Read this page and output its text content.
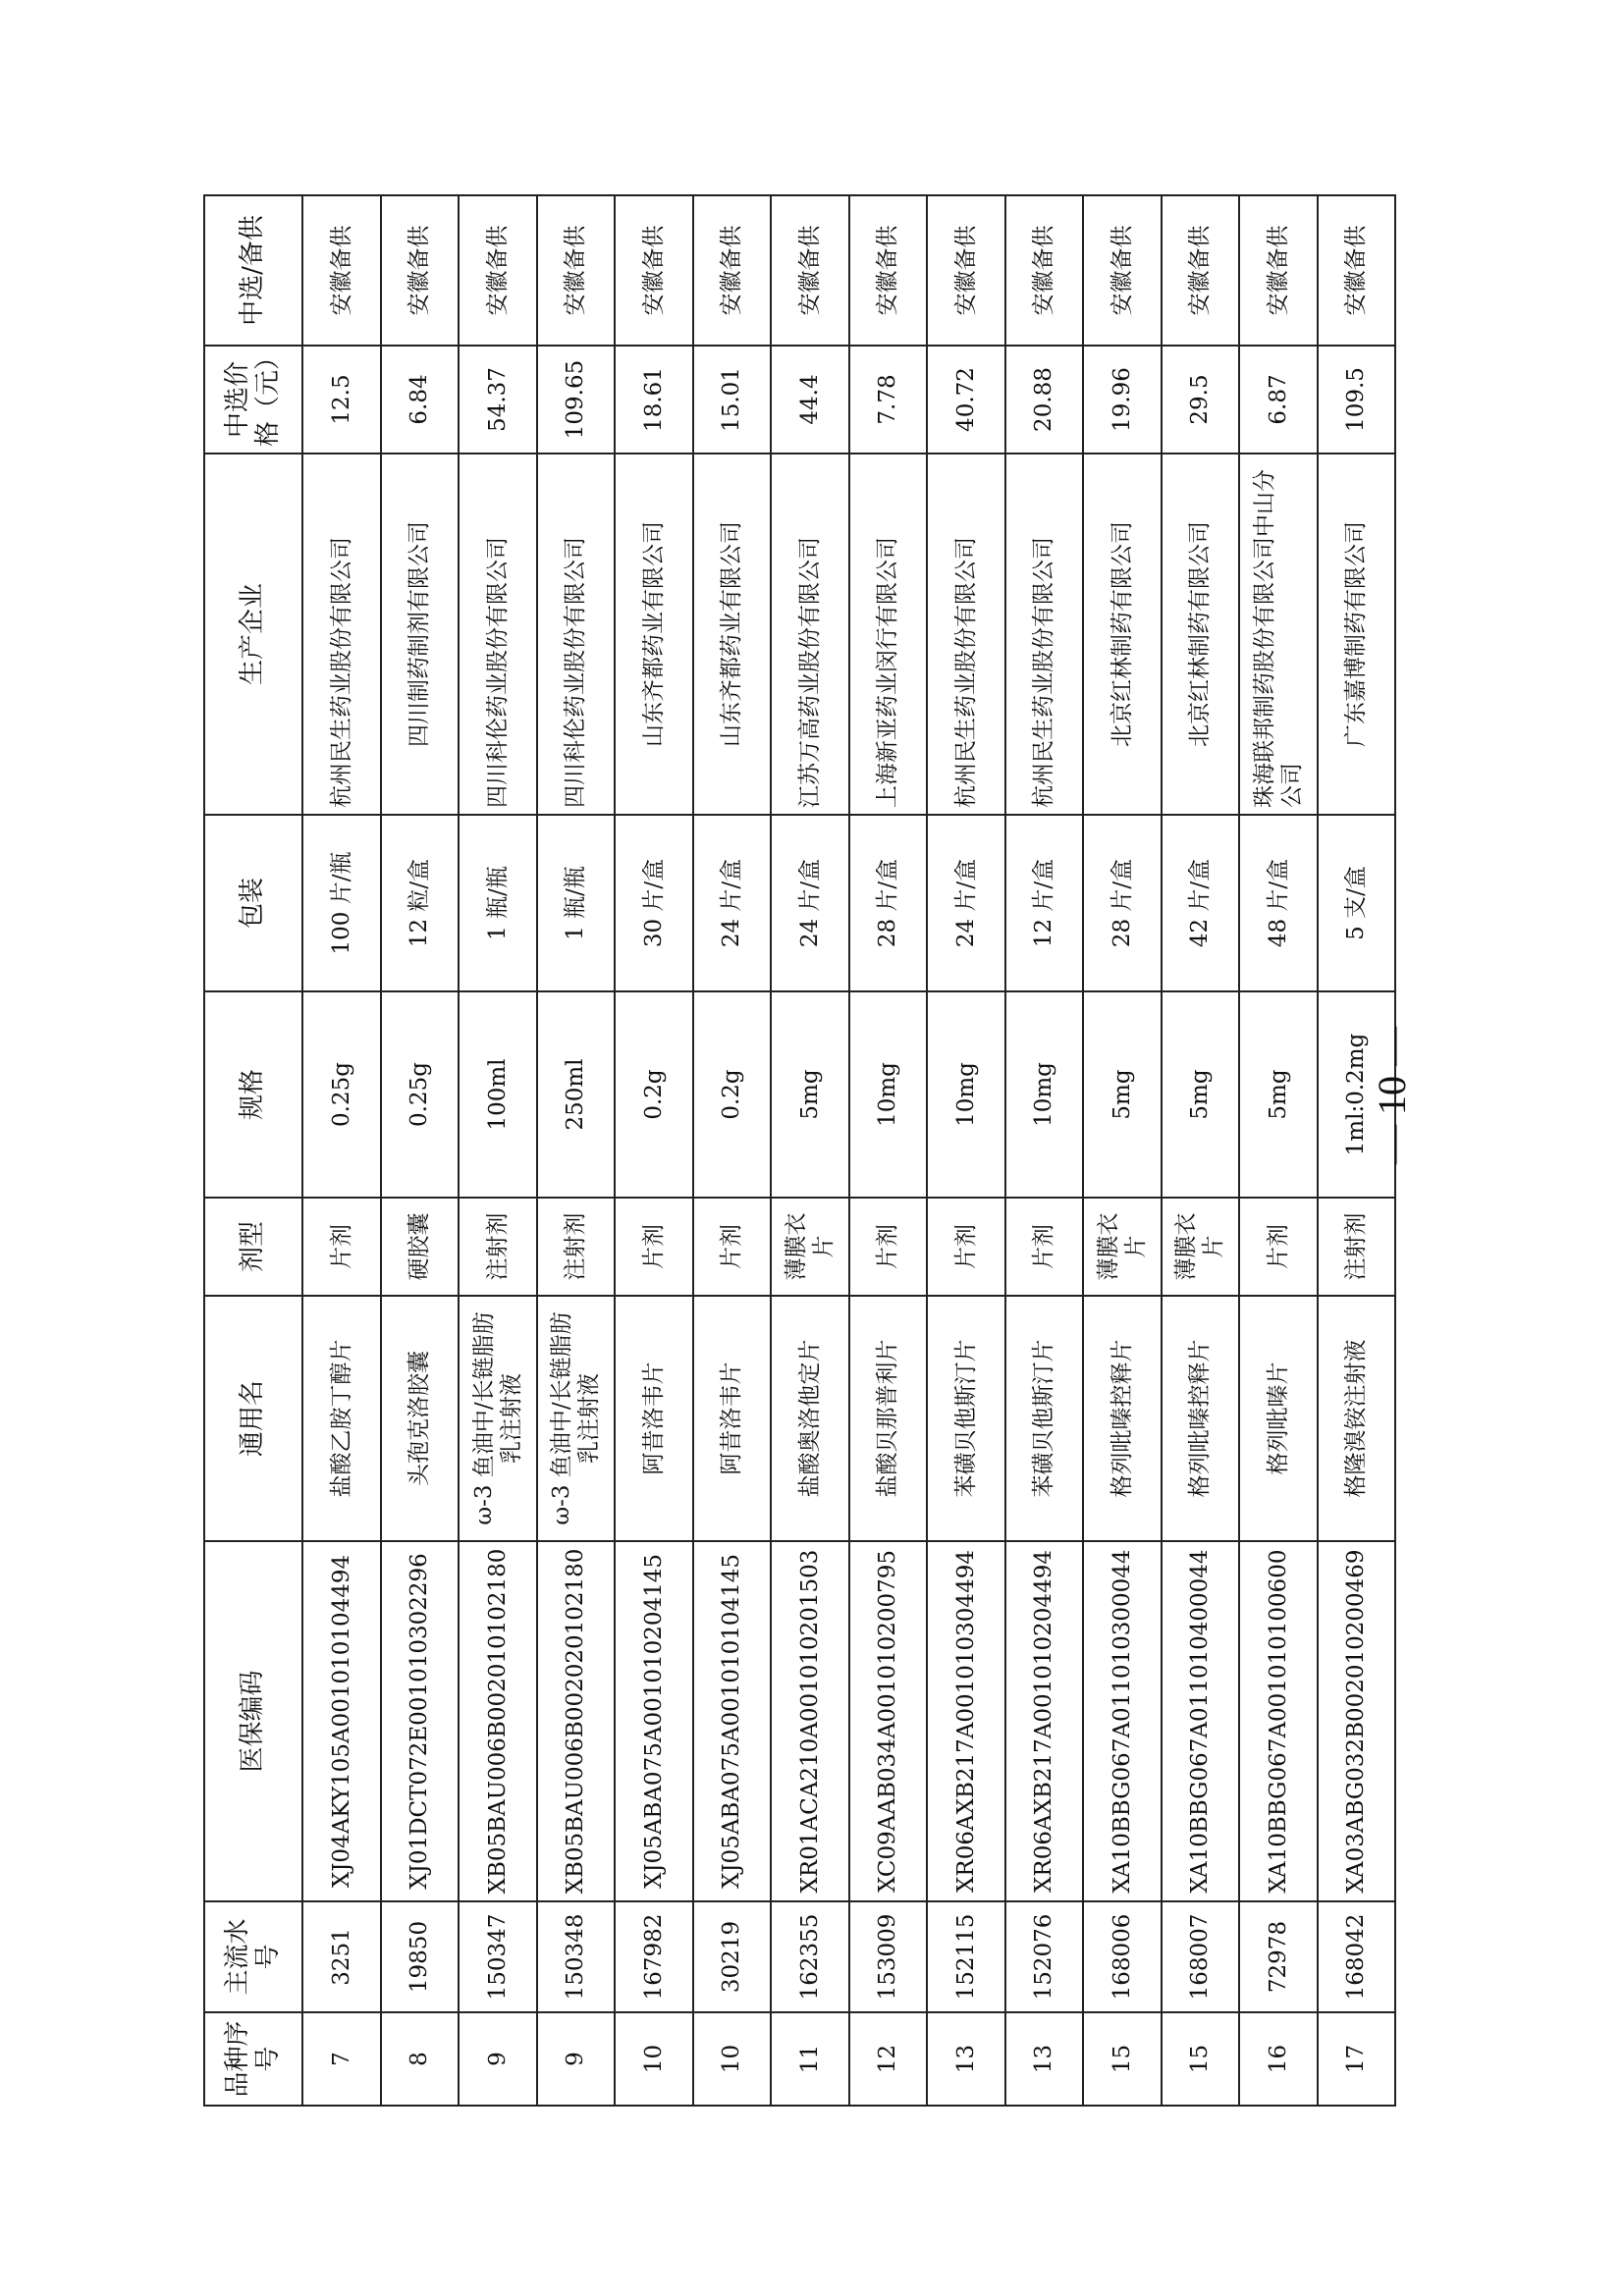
品种序号	主流水号	医保编码	通用名	剂型	规格	包装	生产企业	中选价格（元）	中选/备供
7	3251	XJ04AKY105A001010104494	盐酸乙胺丁醇片	片剂	0.25g	100 片/瓶	杭州民生药业股份有限公司	12.5	安徽备供
8	19850	XJ01DCT072E001010302296	头孢克洛胶囊	硬胶囊	0.25g	12 粒/盒	四川制药制剂有限公司	6.84	安徽备供
9	150347	XB05BAU006B002010102180	ω-3 鱼油中/长链脂肪乳注射液	注射剂	100ml	1 瓶/瓶	四川科伦药业股份有限公司	54.37	安徽备供
9	150348	XB05BAU006B002020102180	ω-3 鱼油中/长链脂肪乳注射液	注射剂	250ml	1 瓶/瓶	四川科伦药业股份有限公司	109.65	安徽备供
10	167982	XJ05ABA075A001010204145	阿昔洛韦片	片剂	0.2g	30 片/盒	山东齐都药业有限公司	18.61	安徽备供
10	30219	XJ05ABA075A001010104145	阿昔洛韦片	片剂	0.2g	24 片/盒	山东齐都药业有限公司	15.01	安徽备供
11	162355	XR01ACA210A001010201503	盐酸奥洛他定片	薄膜衣片	5mg	24 片/盒	江苏万高药业股份有限公司	44.4	安徽备供
12	153009	XC09AAB034A001010200795	盐酸贝那普利片	片剂	10mg	28 片/盒	上海新亚药业闵行有限公司	7.78	安徽备供
13	152115	XR06AXB217A001010304494	苯磺贝他斯汀片	片剂	10mg	24 片/盒	杭州民生药业股份有限公司	40.72	安徽备供
13	152076	XR06AXB217A001010204494	苯磺贝他斯汀片	片剂	10mg	12 片/盒	杭州民生药业股份有限公司	20.88	安徽备供
15	168006	XA10BBG067A011010300044	格列吡嗪控释片	薄膜衣片	5mg	28 片/盒	北京红林制药有限公司	19.96	安徽备供
15	168007	XA10BBG067A011010400044	格列吡嗪控释片	薄膜衣片	5mg	42 片/盒	北京红林制药有限公司	29.5	安徽备供
16	72978	XA10BBG067A001010100600	格列吡嗪片	片剂	5mg	48 片/盒	珠海联邦制药股份有限公司中山分公司	6.87	安徽备供
17	168042	XA03ABG032B002010200469	格隆溴铵注射液	注射剂	1ml:0.2mg	5 支/盒	广东嘉博制药有限公司	109.5	安徽备供
— 10 —
